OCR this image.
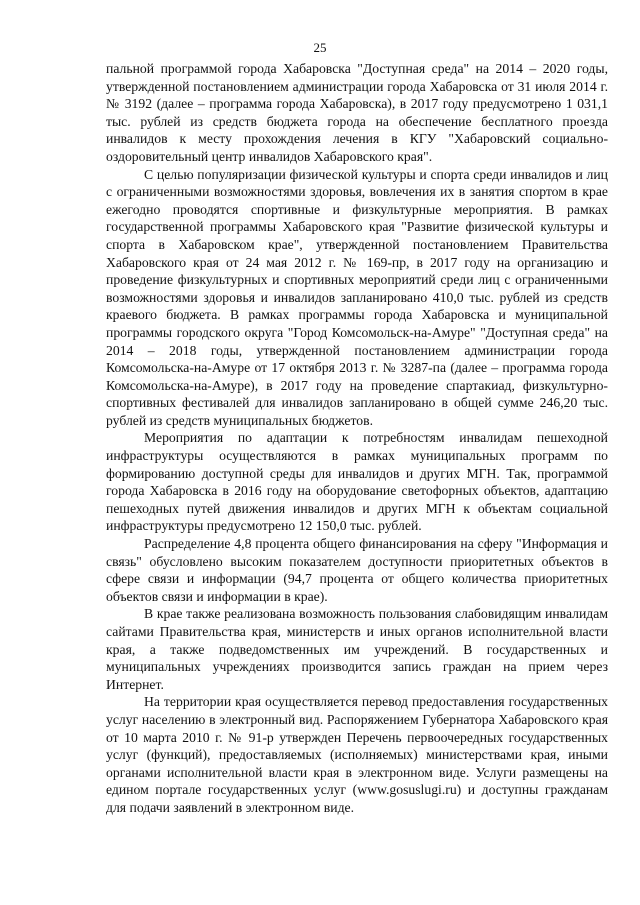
25

пальной программой города Хабаровска "Доступная среда" на 2014 – 2020 годы, утвержденной постановлением администрации города Хабаровска от 31 июля 2014 г. № 3192 (далее – программа города Хабаровска), в 2017 году предусмотрено 1 031,1 тыс. рублей из средств бюджета города на обеспечение бесплатного проезда инвалидов к месту прохождения лечения в КГУ "Хабаровский социально-оздоровительный центр инвалидов Хабаровского края".

С целью популяризации физической культуры и спорта среди инвалидов и лиц с ограниченными возможностями здоровья, вовлечения их в занятия спортом в крае ежегодно проводятся спортивные и физкультурные мероприятия. В рамках государственной программы Хабаровского края "Развитие физической культуры и спорта в Хабаровском крае", утвержденной постановлением Правительства Хабаровского края от 24 мая 2012 г. № 169-пр, в 2017 году на организацию и проведение физкультурных и спортивных мероприятий среди лиц с ограниченными возможностями здоровья и инвалидов запланировано 410,0 тыс. рублей из средств краевого бюджета. В рамках программы города Хабаровска и муниципальной программы городского округа "Город Комсомольск-на-Амуре" "Доступная среда" на 2014 – 2018 годы, утвержденной постановлением администрации города Комсомольска-на-Амуре от 17 октября 2013 г. № 3287-па (далее – программа города Комсомольска-на-Амуре), в 2017 году на проведение спартакиад, физкультурно-спортивных фестивалей для инвалидов запланировано в общей сумме 246,20 тыс. рублей из средств муниципальных бюджетов.

Мероприятия по адаптации к потребностям инвалидам пешеходной инфраструктуры осуществляются в рамках муниципальных программ по формированию доступной среды для инвалидов и других МГН. Так, программой города Хабаровска в 2016 году на оборудование светофорных объектов, адаптацию пешеходных путей движения инвалидов и других МГН к объектам социальной инфраструктуры предусмотрено 12 150,0 тыс. рублей.

Распределение 4,8 процента общего финансирования на сферу "Информация и связь" обусловлено высоким показателем доступности приоритетных объектов в сфере связи и информации (94,7 процента от общего количества приоритетных объектов связи и информации в крае).

В крае также реализована возможность пользования слабовидящим инвалидам сайтами Правительства края, министерств и иных органов исполнительной власти края, а также подведомственных им учреждений. В государственных и муниципальных учреждениях производится запись граждан на прием через Интернет.

На территории края осуществляется перевод предоставления государственных услуг населению в электронный вид. Распоряжением Губернатора Хабаровского края от 10 марта 2010 г. № 91-р утвержден Перечень первоочередных государственных услуг (функций), предоставляемых (исполняемых) министерствами края, иными органами исполнительной власти края в электронном виде. Услуги размещены на едином портале государственных услуг (www.gosuslugi.ru) и доступны гражданам для подачи заявлений в электронном виде.
